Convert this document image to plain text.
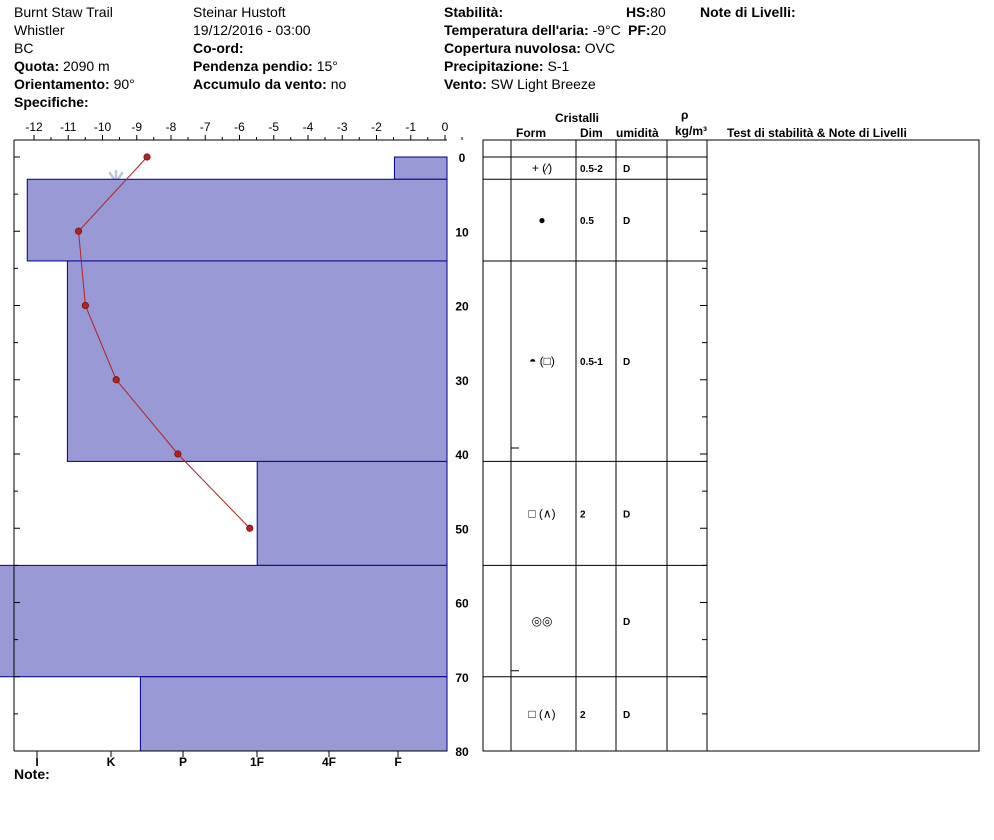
Burnt Staw Trail
Whistler
BC
Quota: 2090 m
Orientamento: 90°
Specifiche:
Steinar Hustoft
19/12/2016 - 03:00
Co-ord:
Pendenza pendio: 15°
Accumulo da vento: no
Stabilità:
Temperatura dell'aria: -9°C
Copertura nuvolosa: OVC
Precipitazione: S-1
Vento: SW Light Breeze
HS:80
PF:20
Note di Livelli:
Cristalli
Form	Dim umidità
ρ
kg/m³ Test di stabilità & Note di Livelli
Note:
-12 -11 -10 -9 -8 -7 -6 -5 -4 -3 -2 -1 0
0
10
20
30
40
50
60
70
80
I	K	P	1F	4F	F
+ (⁄)	0.5-2 D
●	0.5	D
◓ (□)	0.5-1 D
□ (∧) 2	D
◎◎	D
□ (∧) 2	D
